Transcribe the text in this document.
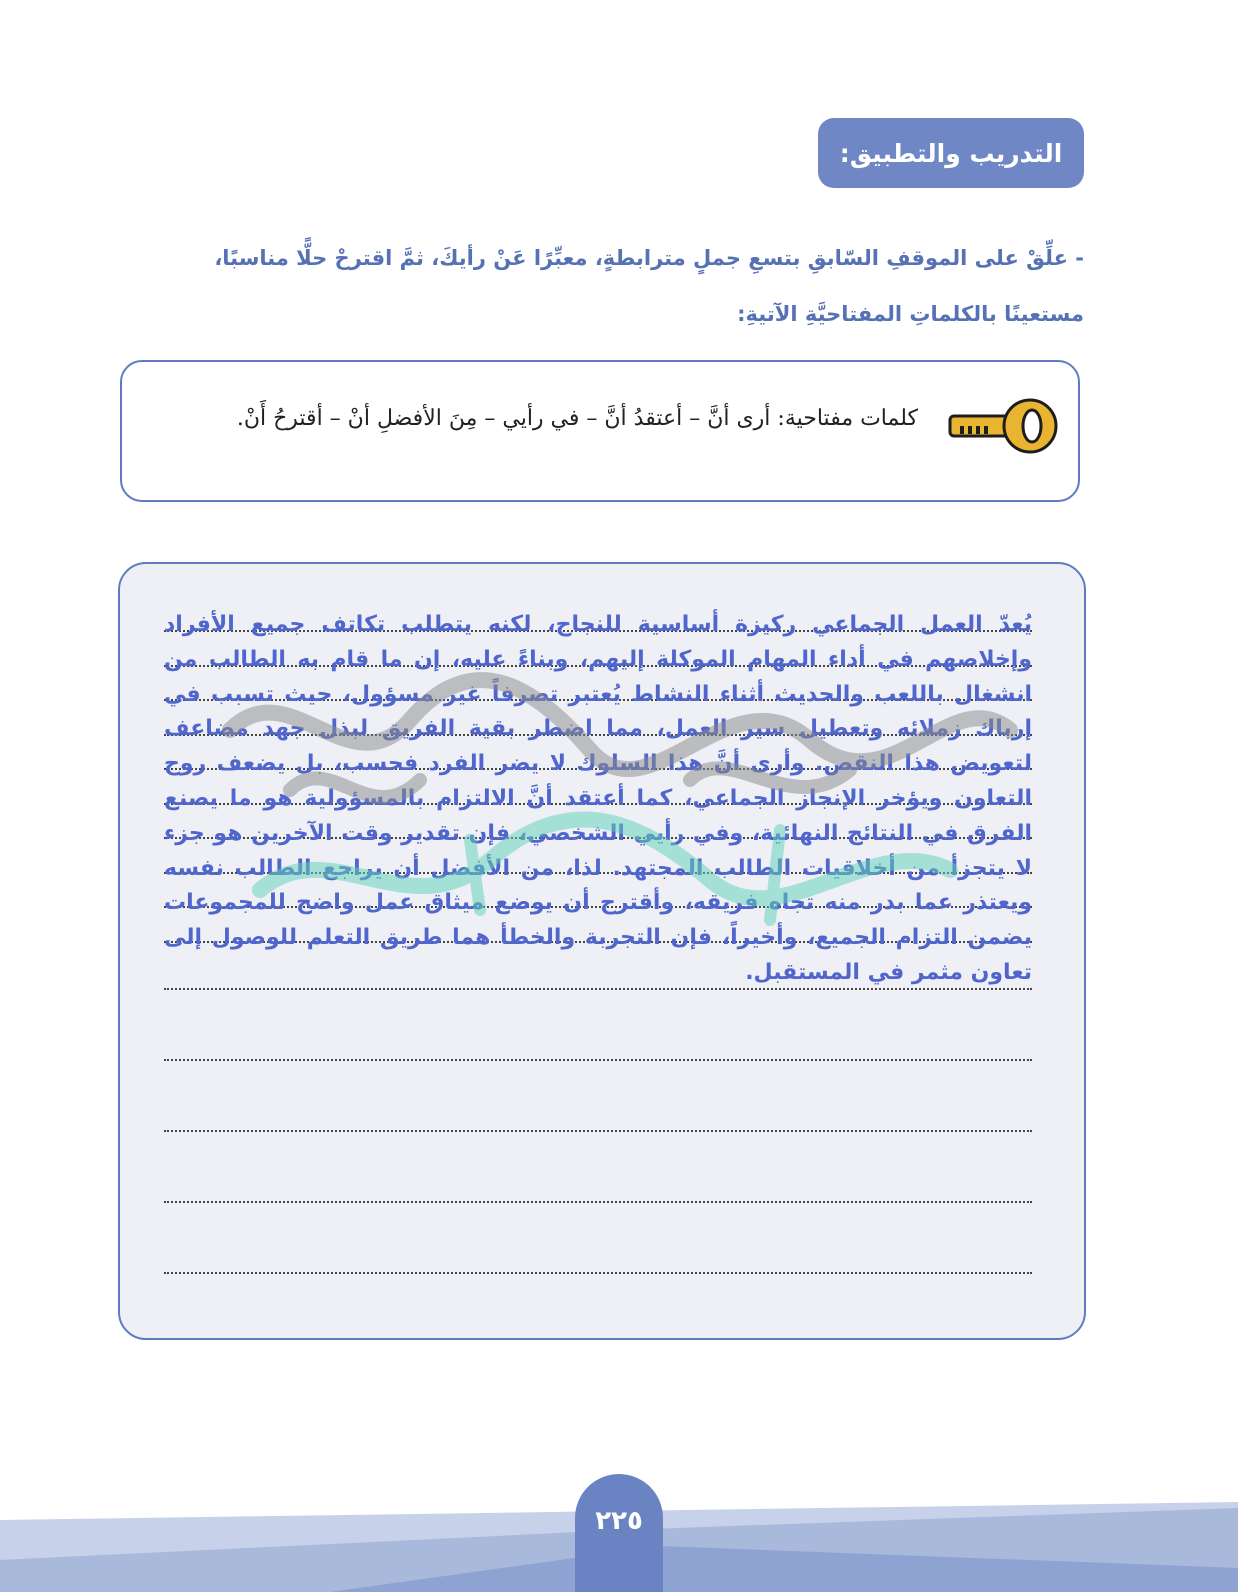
التدريب والتطبيق:
- علِّقْ على الموقفِ السّابقِ بتسعِ جملٍ مترابطةٍ، معبِّرًا عَنْ رأيكَ، ثمَّ اقترحْ حلًّا مناسبًا،
مستعينًا بالكلماتِ المفتاحيَّةِ الآتيةِ:
كلمات مفتاحية: أرى أنَّ – أعتقدُ أنَّ – في رأيي – مِنَ الأفضلِ أنْ – أقترحُ أَنْ.
يُعدّ العمل الجماعي ركيزة أساسية للنجاح، لكنه يتطلب تكاتف جميع الأفراد وإخلاصهم في أداء المهام الموكلة إليهم، وبناءً عليه، إن ما قام به الطالب من انشغال باللعب والحديث أثناء النشاط يُعتبر تصرفاً غير مسؤول، حيث تسبب في إرباك زملائه وتعطيل سير العمل، مما اضطر بقية الفريق لبذل جهد مضاعف لتعويض هذا النقص. وأرى أنَّ هذا السلوك لا يضر الفرد فحسب، بل يضعف روح التعاون ويؤخر الإنجاز الجماعي، كما أعتقد أنَّ الالتزام بالمسؤولية هو ما يصنع الفرق في النتائج النهائية، وفي رأيي الشخصي، فإن تقدير وقت الآخرين هو جزء لا يتجزأ من أخلاقيات الطالب المجتهد. لذا، من الأفضل أن يراجع الطالب نفسه ويعتذر عما بدر منه تجاه فريقه، وأقترح أن يوضع ميثاق عمل واضح للمجموعات يضمن التزام الجميع، وأخيراً، فإن التجربة والخطأ هما طريق التعلم للوصول إلى تعاون مثمر في المستقبل.
٢٢٥
